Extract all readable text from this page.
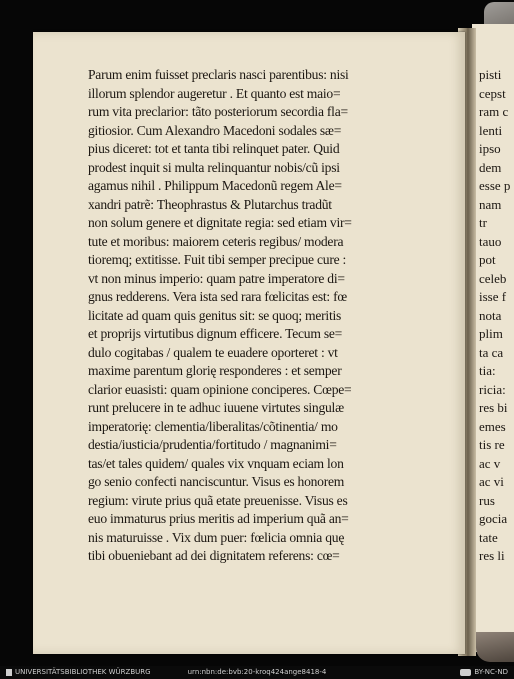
Parum enim fuisset preclaris nasci parentibus: nisi
illorum splendor augeretur . Et quanto est maio=
rum vita preclarior: tãto posteriorum secordia fla=
gitiosior. Cum Alexandro Macedoni sodales sæ=
pius diceret: tot et tanta tibi relinquet pater. Quid
prodest inquit si multa relinquantur nobis/cũ ipsi
agamus nihil . Philippum Macedonũ regem Ale=
xandri patrẽ: Theophrastus & Plutarchus tradũt
non solum genere et dignitate regia: sed etiam vir=
tute et moribus: maiorem ceteris regibus/ modera
tioremq; extitisse. Fuit tibi semper precipue cure :
vt non minus imperio: quam patre imperatore di=
gnus redderens. Vera ista sed rara fœlicitas est: fœ
licitate ad quam quis genitus sit: se quoq; meritis
et proprijs virtutibus dignum efficere. Tecum se=
dulo cogitabas / qualem te euadere oporteret : vt
maxime parentum glorię responderes : et semper
clarior euasisti: quam opinione conciperes. Cœpe=
runt prelucere in te adhuc iuuene virtutes singulæ
imperatorię: clementia/liberalitas/cõtinentia/ mo
destia/iusticia/prudentia/fortitudo / magnanimi=
tas/et tales quidem/ quales vix vnquam eciam lon
go senio confecti nanciscuntur. Visus es honorem
regium: virute prius quã etate preuenisse. Visus es
euo immaturus prius meritis ad imperium quã an=
nis maturuisse . Vix dum puer: fœlicia omnia quę
tibi obueniebant ad dei dignitatem referens: cœ=
pisti
cepst
ram c
lenti
ipso
dem
esse p
nam
tr
tauo
pot
celeb
isse f
nota
plim
ta ca
tia:
ricia:
res bi
emes
tis re
ac v
ac vi
rus
gocia
tate
res li
UNIVERSITÄTSBIBLIOTHEK WÜRZBURG	urn:nbn:de:bvb:20-kroq424ange8418-4	BY-NC-ND
